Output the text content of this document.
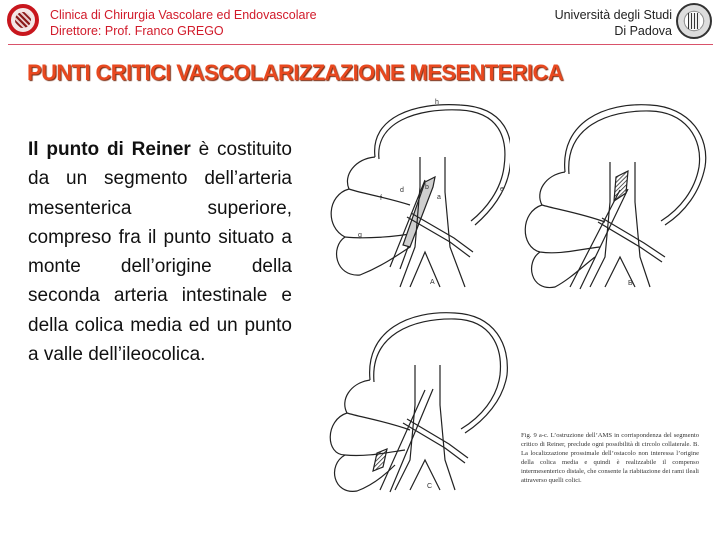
Clinica di Chirurgia Vascolare ed Endovascolare
Direttore: Prof. Franco GREGO
Università degli Studi
Di Padova
PUNTI CRITICI VASCOLARIZZAZIONE MESENTERICA
Il punto di Reiner è costituito da un segmento dell’arteria mesenterica superiore, compreso fra il punto situato a monte dell’origine della seconda arteria intestinale e della colica media ed un punto a valle dell’ileocolica.
h
e
d
f
g
b
a
A	B
C
Fig. 9 a-c. L’ostruzione dell’AMS in corrispondenza del segmento critico di Reiner, preclude ogni possibilità di circolo collaterale. B. La localizzazione prossimale dell’ostacolo non interessa l’origine della colica media e quindi è realizzabile il compenso intermesenterico distale, che consente la riabitazione dei rami ileali attraverso quelli colici.
